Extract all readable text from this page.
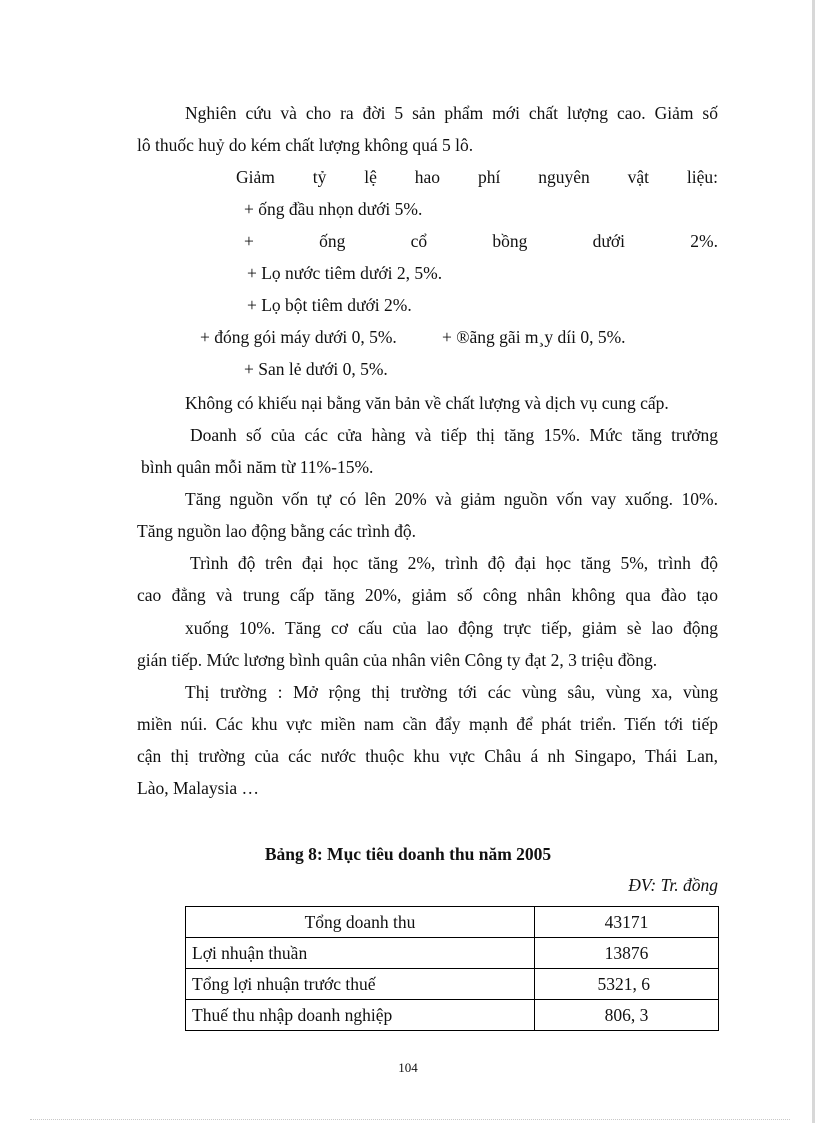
Nghiên cứu và cho ra đời 5 sản phẩm mới chất lượng cao. Giảm số
lô thuốc huỷ do kém chất lượng không quá 5 lô.
Giảm tỷ lệ hao phí nguyên vật liệu:
+ ống đầu nhọn dưới 5%.
+	ống	cổ	bồng	dưới	2%.
+ Lọ nước tiêm dưới 2, 5%.
+ Lọ bột tiêm dưới 2%.
+ đóng gói máy dưới 0, 5%.	+ ®ãng gãi m¸y díi 0, 5%.
+ San lẻ dưới 0, 5%.
Không có khiếu nại bằng văn bản về chất lượng và dịch vụ cung cấp.
Doanh số của các cửa hàng và tiếp thị tăng 15%. Mức tăng trưởng
bình quân mỗi năm từ 11%-15%.
Tăng nguồn vốn tự có lên 20% và giảm nguồn vốn vay xuống. 10%.
Tăng nguồn lao động bằng các trình độ.
Trình độ trên đại học tăng 2%, trình độ đại học tăng 5%, trình độ
cao đẳng và trung cấp tăng 20%, giảm số công nhân không qua đào tạo
xuống 10%. Tăng cơ cấu của lao động trực tiếp, giảm sè lao động
gián tiếp. Mức lương bình quân của nhân viên Công ty đạt 2, 3 triệu đồng.
Thị trường : Mở rộng thị trường tới các vùng sâu, vùng xa, vùng
miền núi. Các khu vực miền nam cần đẩy mạnh để phát triển. Tiến tới tiếp
cận thị trường của các nước thuộc khu vực Châu á nh Singapo, Thái Lan,
Lào, Malaysia …
Bảng 8: Mục tiêu doanh thu năm 2005
ĐV: Tr. đồng
Tổng doanh thu	43171
Lợi nhuận thuần	13876
Tổng lợi nhuận trước thuế	5321, 6
Thuế thu nhập doanh nghiệp	806, 3
104
